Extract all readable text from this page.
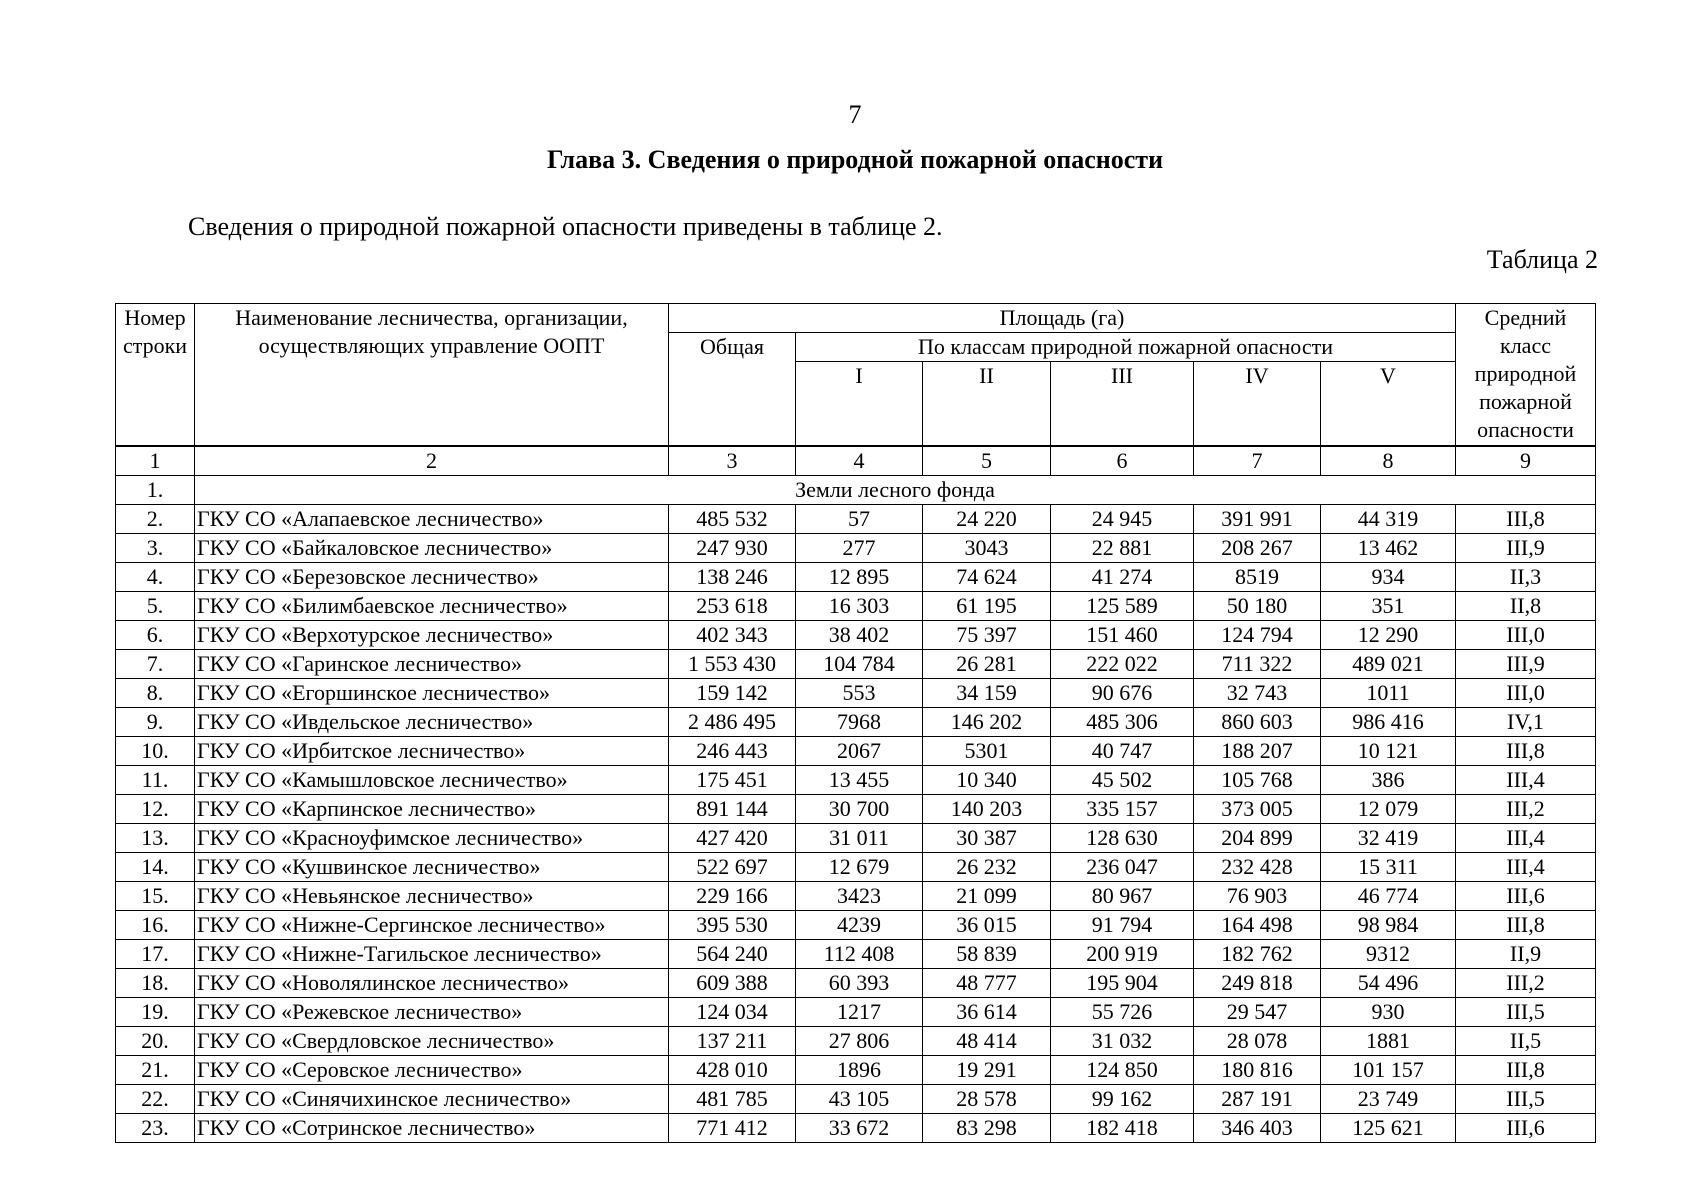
7
Глава 3. Сведения о природной пожарной опасности
Сведения о природной пожарной опасности приведены в таблице 2.
Таблица 2
Номер строки	Наименование лесничества, организации, осуществляющих управление ООПТ	Площадь (га)						Средний класс природной пожарной опасности
		Общая	По классам природной пожарной опасности					
			I	II	III	IV	V	
1	2	3	4	5	6	7	8	9
1.	Земли лесного фонда							
2.	ГКУ СО «Алапаевское лесничество»	485 532	57	24 220	24 945	391 991	44 319	III,8
3.	ГКУ СО «Байкаловское лесничество»	247 930	277	3043	22 881	208 267	13 462	III,9
4.	ГКУ СО «Березовское лесничество»	138 246	12 895	74 624	41 274	8519	934	II,3
5.	ГКУ СО «Билимбаевское лесничество»	253 618	16 303	61 195	125 589	50 180	351	II,8
6.	ГКУ СО «Верхотурское лесничество»	402 343	38 402	75 397	151 460	124 794	12 290	III,0
7.	ГКУ СО «Гаринское лесничество»	1 553 430	104 784	26 281	222 022	711 322	489 021	III,9
8.	ГКУ СО «Егоршинское лесничество»	159 142	553	34 159	90 676	32 743	1011	III,0
9.	ГКУ СО «Ивдельское лесничество»	2 486 495	7968	146 202	485 306	860 603	986 416	IV,1
10.	ГКУ СО «Ирбитское лесничество»	246 443	2067	5301	40 747	188 207	10 121	III,8
11.	ГКУ СО «Камышловское лесничество»	175 451	13 455	10 340	45 502	105 768	386	III,4
12.	ГКУ СО «Карпинское лесничество»	891 144	30 700	140 203	335 157	373 005	12 079	III,2
13.	ГКУ СО «Красноуфимское лесничество»	427 420	31 011	30 387	128 630	204 899	32 419	III,4
14.	ГКУ СО «Кушвинское лесничество»	522 697	12 679	26 232	236 047	232 428	15 311	III,4
15.	ГКУ СО «Невьянское лесничество»	229 166	3423	21 099	80 967	76 903	46 774	III,6
16.	ГКУ СО «Нижне-Сергинское лесничество»	395 530	4239	36 015	91 794	164 498	98 984	III,8
17.	ГКУ СО «Нижне-Тагильское лесничество»	564 240	112 408	58 839	200 919	182 762	9312	II,9
18.	ГКУ СО «Новолялинское лесничество»	609 388	60 393	48 777	195 904	249 818	54 496	III,2
19.	ГКУ СО «Режевское лесничество»	124 034	1217	36 614	55 726	29 547	930	III,5
20.	ГКУ СО «Свердловское лесничество»	137 211	27 806	48 414	31 032	28 078	1881	II,5
21.	ГКУ СО «Серовское лесничество»	428 010	1896	19 291	124 850	180 816	101 157	III,8
22.	ГКУ СО «Синячихинское лесничество»	481 785	43 105	28 578	99 162	287 191	23 749	III,5
23.	ГКУ СО «Сотринское лесничество»	771 412	33 672	83 298	182 418	346 403	125 621	III,6
